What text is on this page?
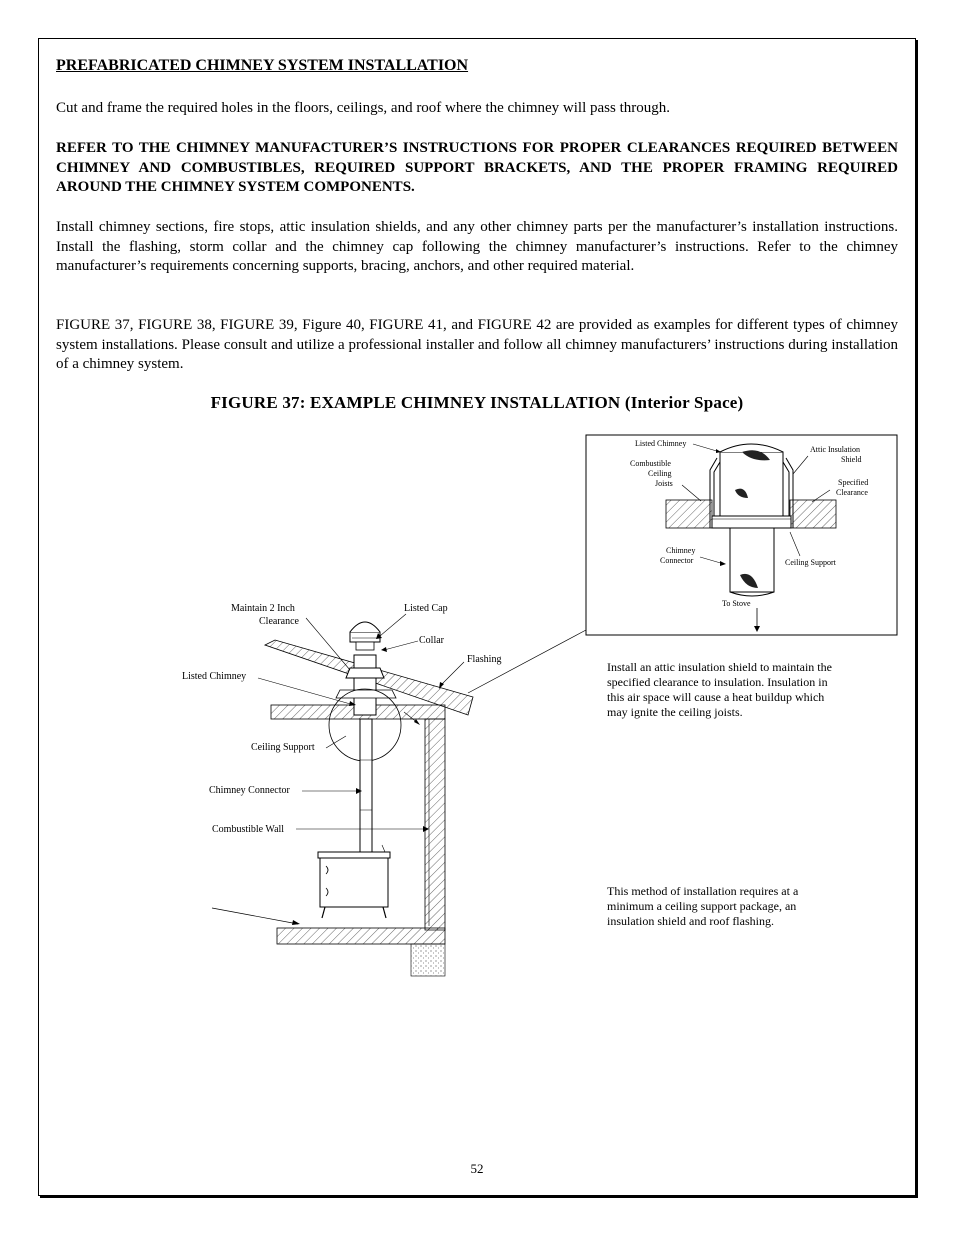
PREFABRICATED CHIMNEY SYSTEM INSTALLATION

Cut and frame the required holes in the floors, ceilings, and roof where the chimney will pass through.

REFER TO THE CHIMNEY MANUFACTURER’S INSTRUCTIONS FOR PROPER CLEARANCES REQUIRED BETWEEN CHIMNEY AND COMBUSTIBLES, REQUIRED SUPPORT BRACKETS, AND THE PROPER FRAMING REQUIRED AROUND THE CHIMNEY SYSTEM COMPONENTS.

Install chimney sections, fire stops, attic insulation shields, and any other chimney parts per the manufacturer’s installation instructions. Install the flashing, storm collar and the chimney cap following the chimney manufacturer’s instructions. Refer to the chimney manufacturer’s requirements concerning supports, bracing, anchors, and other required material.

FIGURE 37, FIGURE 38, FIGURE 39, Figure 40, FIGURE 41, and FIGURE 42 are provided as examples for different types of chimney system installations. Please consult and utilize a professional installer and follow all chimney manufacturers’ instructions during installation of a chimney system.

FIGURE 37: EXAMPLE CHIMNEY INSTALLATION (Interior Space)
Listed Chimney
Attic Insulation
Shield
Combustible
Ceiling
Joists	Specified
Clearance
Chimney
Connector	Ceiling Support
To Stove
Maintain 2 Inch
Clearance
Listed Cap
Collar
Flashing
Listed Chimney
Ceiling Support
Chimney Connector
Combustible Wall
Install an attic insulation shield to maintain the specified clearance to insulation. Insulation in this air space will cause a heat buildup which may ignite the ceiling joists.
This method of installation requires at a minimum a ceiling support package, an insulation shield and roof flashing.
52
